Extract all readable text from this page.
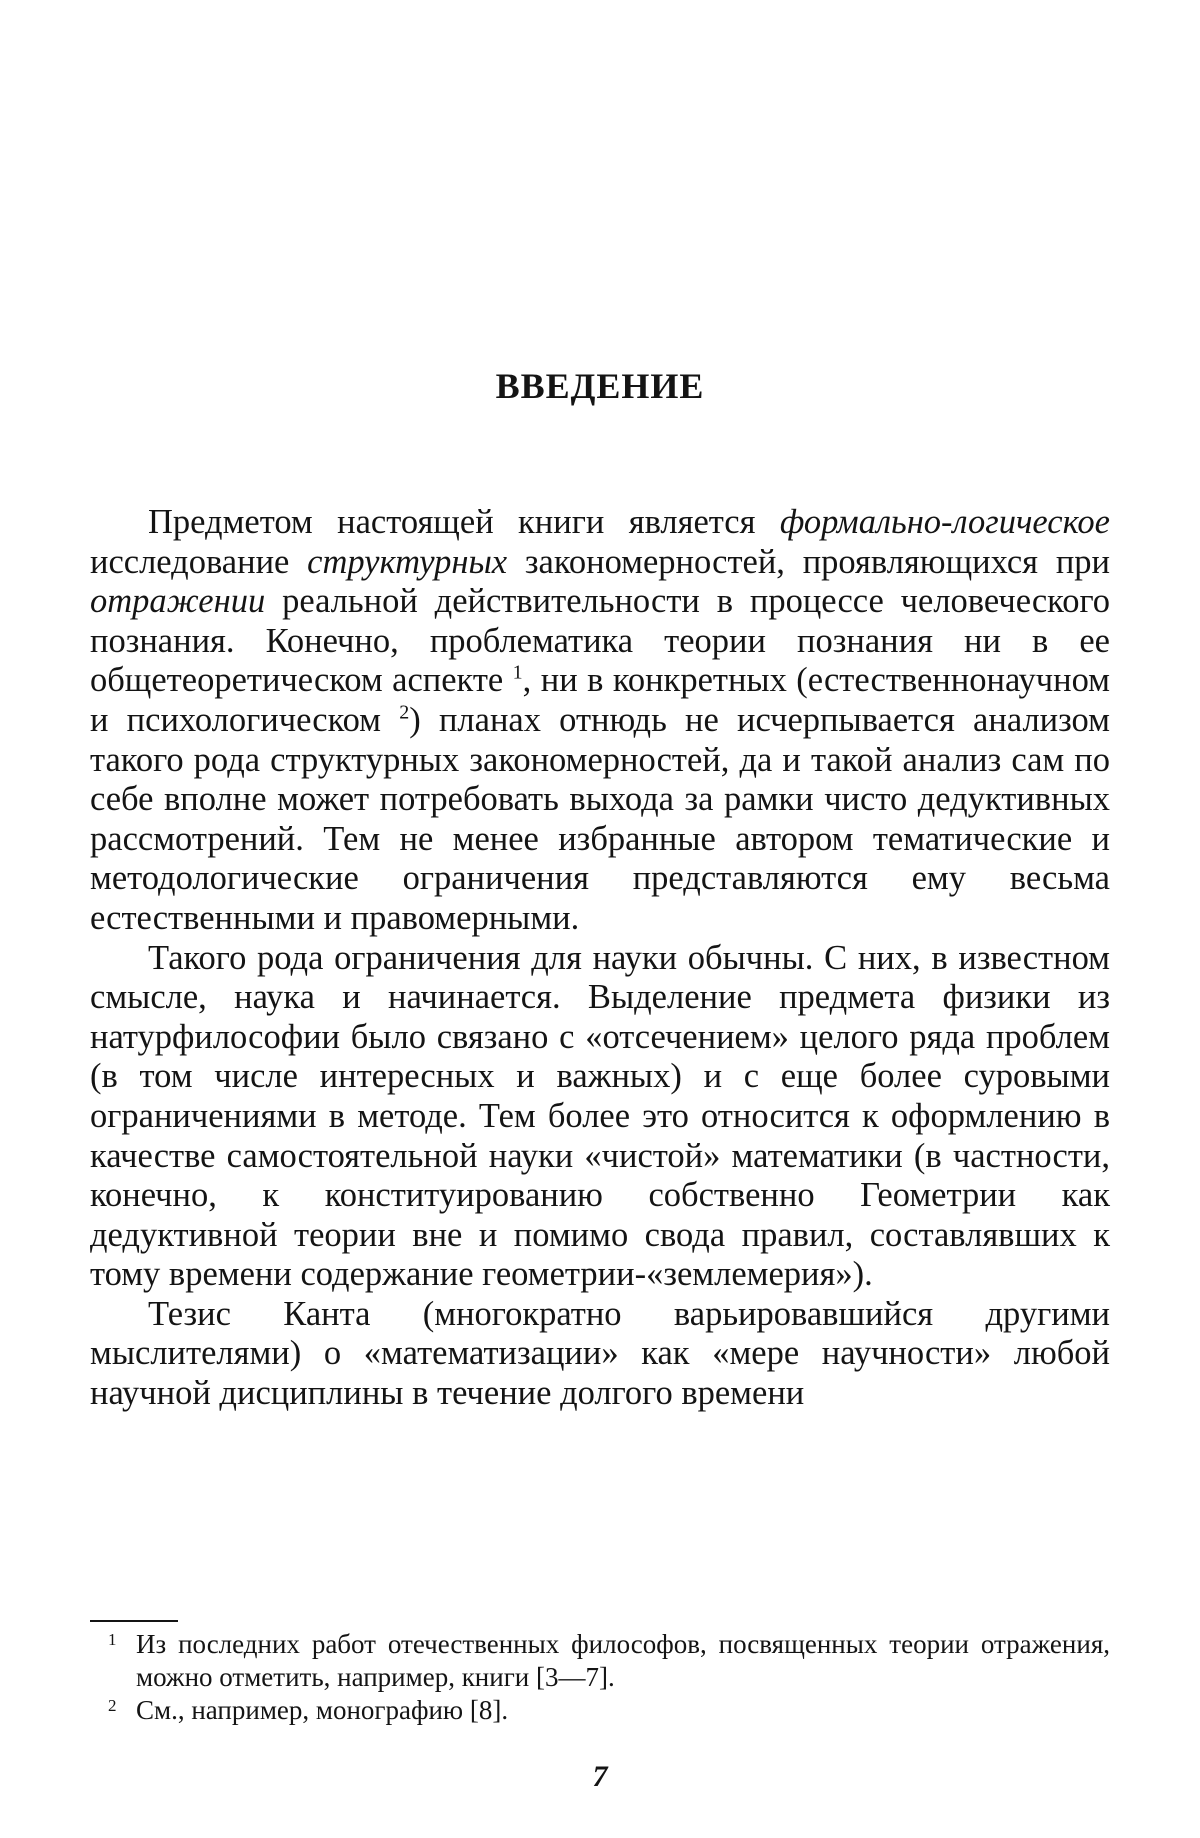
ВВЕДЕНИЕ

Предметом настоящей книги является формально-логическое исследование структурных закономерностей, проявляющихся при отражении реальной действительности в процессе человеческого познания. Конечно, проблематика теории познания ни в ее общетеоретическом аспекте $^1$, ни в конкретных (естественнонаучном и психологическом $^2$) планах отнюдь не исчерпывается анализом такого рода структурных закономерностей, да и такой анализ сам по себе вполне может потребовать выхода за рамки чисто дедуктивных рассмотрений. Тем не менее избранные автором тематические и методологические ограничения представляются ему весьма естественными и правомерными.

Такого рода ограничения для науки обычны. С них, в известном смысле, наука и начинается. Выделение предмета физики из натурфилософии было связано с «отсечением» целого ряда проблем (в том числе интересных и важных) и с еще более суровыми ограничениями в методе. Тем более это относится к оформлению в качестве самостоятельной науки «чистой» математики (в частности, конечно, к конституированию собственно Геометрии как дедуктивной теории вне и помимо свода правил, составлявших к тому времени содержание геометрии-«землемерия»).

Тезис Канта (многократно варьировавшийся другими мыслителями) о «математизации» как «мере научности» любой научной дисциплины в течение долгого времени

1 Из последних работ отечественных философов, посвященных теории отражения, можно отметить, например, книги [3—7].
2 См., например, монографию [8].
7
